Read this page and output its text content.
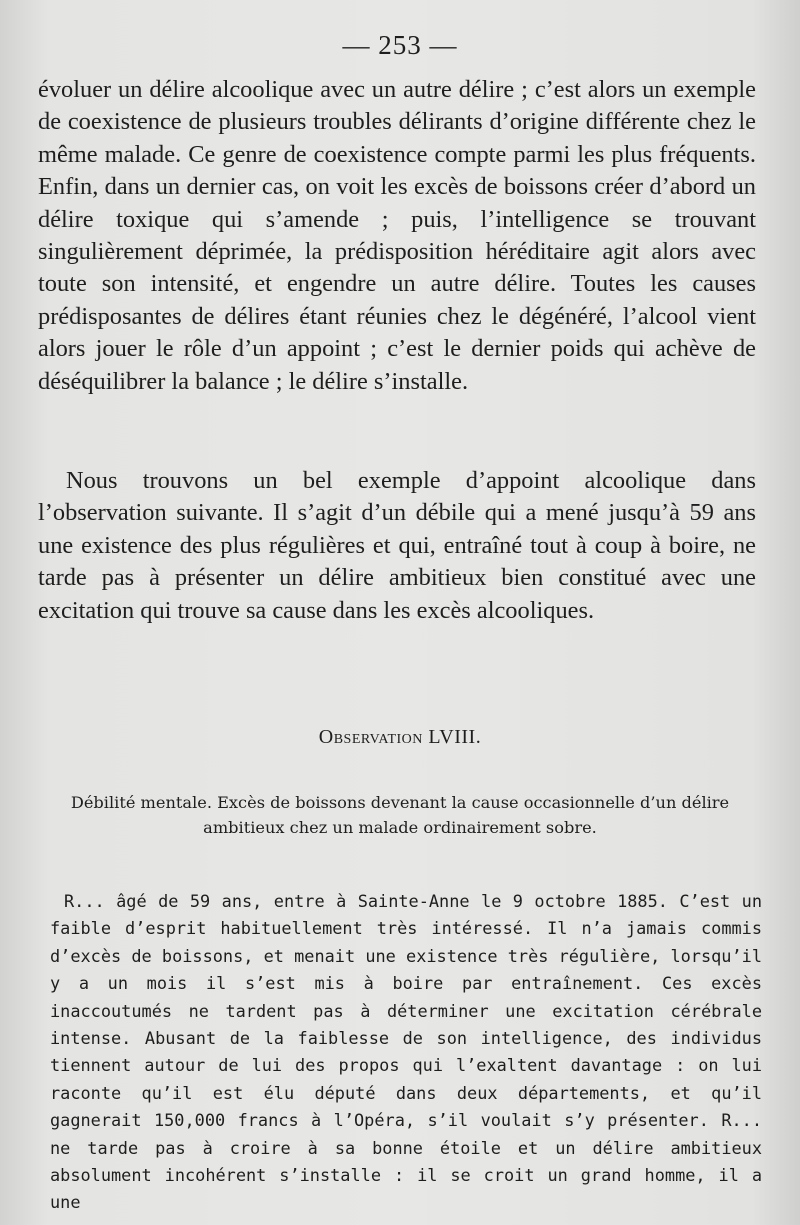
— 253 —

évoluer un délire alcoolique avec un autre délire ; c’est alors un exemple de coexistence de plusieurs troubles délirants d’origine différente chez le même malade. Ce genre de coexistence compte parmi les plus fréquents. Enfin, dans un dernier cas, on voit les excès de boissons créer d’abord un délire toxique qui s’amende ; puis, l’intelligence se trouvant singulièrement déprimée, la prédisposition héréditaire agit alors avec toute son intensité, et engendre un autre délire. Toutes les causes prédisposantes de délires étant réunies chez le dégénéré, l’alcool vient alors jouer le rôle d’un appoint ; c’est le dernier poids qui achève de déséquilibrer la balance ; le délire s’installe.

Nous trouvons un bel exemple d’appoint alcoolique dans l’observation suivante. Il s’agit d’un débile qui a mené jusqu’à 59 ans une existence des plus régulières et qui, entraîné tout à coup à boire, ne tarde pas à présenter un délire ambitieux bien constitué avec une excitation qui trouve sa cause dans les excès alcooliques.

Observation LVIII.
Débilité mentale. Excès de boissons devenant la cause occasionnelle d’un délire ambitieux chez un malade ordinairement sobre.

R... âgé de 59 ans, entre à Sainte-Anne le 9 octobre 1885. C’est un faible d’esprit habituellement très intéressé. Il n’a jamais commis d’excès de boissons, et menait une existence très régulière, lorsqu’il y a un mois il s’est mis à boire par entraînement. Ces excès inaccoutumés ne tardent pas à déterminer une excitation cérébrale intense. Abusant de la faiblesse de son intelligence, des individus tiennent autour de lui des propos qui l’exaltent davantage : on lui raconte qu’il est élu député dans deux départements, et qu’il gagnerait 150,000 francs à l’Opéra, s’il voulait s’y présenter. R... ne tarde pas à croire à sa bonne étoile et un délire ambitieux absolument incohérent s’installe : il se croit un grand homme, il a une
